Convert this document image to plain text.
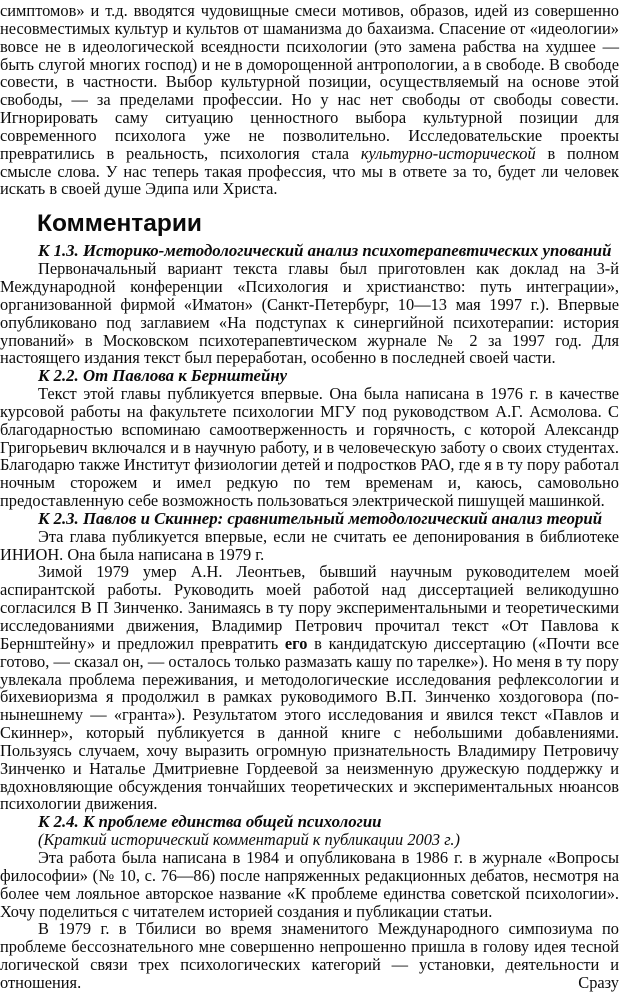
симптомов» и т.д. вводятся чудовищные смеси мотивов, образов, идей из совершенно несовместимых культур и культов от шаманизма до бахаизма. Спасение от «идеологии» вовсе не в идеологической всеядности психологии (это замена рабства на худшее — быть слугой многих господ) и не в доморощенной антропологии, а в свободе. В свободе совести, в частности. Выбор культурной позиции, осуществляемый на основе этой свободы, — за пределами профессии. Но у нас нет свободы от свободы совести. Игнорировать саму ситуацию ценностного выбора культурной позиции для современного психолога уже не позволительно. Исследовательские проекты превратились в реальность, психология стала культурно-исторической в полном смысле слова. У нас теперь такая профессия, что мы в ответе за то, будет ли человек искать в своей душе Эдипа или Христа.

Комментарии
К 1.3. Историко-методологический анализ психотерапевтических упований

Первоначальный вариант текста главы был приготовлен как доклад на 3-й Международной конференции «Психология и христианство: путь интеграции», организованной фирмой «Иматон» (Санкт-Петербург, 10—13 мая 1997 г.). Впервые опубликовано под заглавием «На подступах к синергийной психотерапии: история упований» в Московском психотерапевтическом журнале № 2 за 1997 год. Для настоящего издания текст был переработан, особенно в последней своей части.

К 2.2. От Павлова к Бернштейну

Текст этой главы публикуется впервые. Она была написана в 1976 г. в качестве курсовой работы на факультете психологии МГУ под руководством А.Г. Асмолова. С благодарностью вспоминаю самоотверженность и горячность, с которой Александр Григорьевич включался и в научную работу, и в человеческую заботу о своих студентах. Благодарю также Институт физиологии детей и подростков РАО, где я в ту пору работал ночным сторожем и имел редкую по тем временам и, каюсь, самовольно предоставленную себе возможность пользоваться электрической пишущей машинкой.

К 2.3. Павлов и Скиннер: сравнительный методологический анализ теорий

Эта глава публикуется впервые, если не считать ее депонирования в библиотеке ИНИОН. Она была написана в 1979 г.

Зимой 1979 умер А.Н. Леонтьев, бывший научным руководителем моей аспирантской работы. Руководить моей работой над диссертацией великодушно согласился В П Зинченко. Занимаясь в ту пору экспериментальными и теоретическими исследованиями движения, Владимир Петрович прочитал текст «От Павлова к Бернштейну» и предложил превратить его в кандидатскую диссертацию («Почти все готово, — сказал он, — осталось только размазать кашу по тарелке»). Но меня в ту пору увлекала проблема переживания, и методологические исследования рефлексологии и бихевиоризма я продолжил в рамках руководимого В.П. Зинченко хоздоговора (по-нынешнему — «гранта»). Результатом этого исследования и явился текст «Павлов и Скиннер», который публикуется в данной книге с небольшими добавлениями. Пользуясь случаем, хочу выразить огромную признательность Владимиру Петровичу Зинченко и Наталье Дмитриевне Гордеевой за неизменную дружескую поддержку и вдохновляющие обсуждения тончайших теоретических и экспериментальных нюансов психологии движения.

К 2.4. К проблеме единства общей психологии

(Краткий исторический комментарий к публикации 2003 г.)

Эта работа была написана в 1984 и опубликована в 1986 г. в журнале «Вопросы философии» (№ 10, с. 76—86) после напряженных редакционных дебатов, несмотря на более чем лояльное авторское название «К проблеме единства советской психологии». Хочу поделиться с читателем историей создания и публикации статьи.

В 1979 г. в Тбилиси во время знаменитого Международного симпозиума по проблеме бессознательного мне совершенно непрошенно пришла в голову идея тесной логической связи трех психологических категорий — установки, деятельности и отношения. Сразу
